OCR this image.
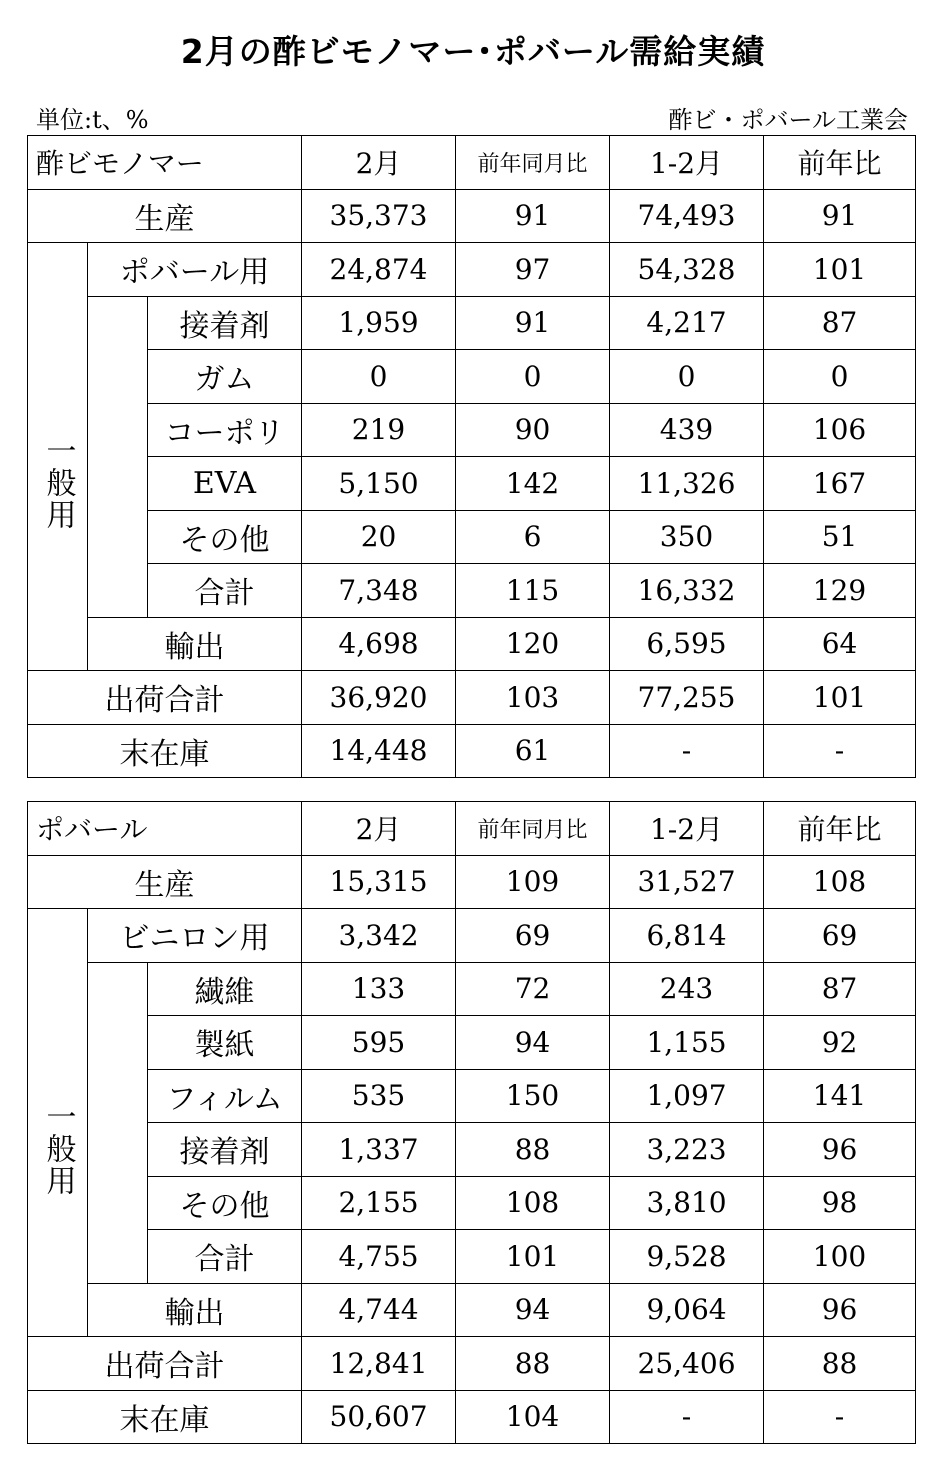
2月の酢ビモノマー･ポバール需給実績
単位:t、%	酢ビ・ポバール工業会
酢ビモノマー			2月	前年同月比	1-2月	前年比
生産			35,373	91	74,493	91
	ポバール用		24,874	97	54,328	101
		接着剤	1,959	91	4,217	87
		ガム	0	0	0	0
一般用		コーポリ	219	90	439	106
		EVA	5,150	142	11,326	167
		その他	20	6	350	51
		合計	7,348	115	16,332	129
	輸出		4,698	120	6,595	64
出荷合計			36,920	103	77,255	101
末在庫			14,448	61	-	-
ポバール			2月	前年同月比	1-2月	前年比
生産			15,315	109	31,527	108
	ビニロン用		3,342	69	6,814	69
		繊維	133	72	243	87
		製紙	595	94	1,155	92
一般用		フィルム	535	150	1,097	141
		接着剤	1,337	88	3,223	96
		その他	2,155	108	3,810	98
		合計	4,755	101	9,528	100
	輸出		4,744	94	9,064	96
出荷合計			12,841	88	25,406	88
末在庫			50,607	104	-	-
